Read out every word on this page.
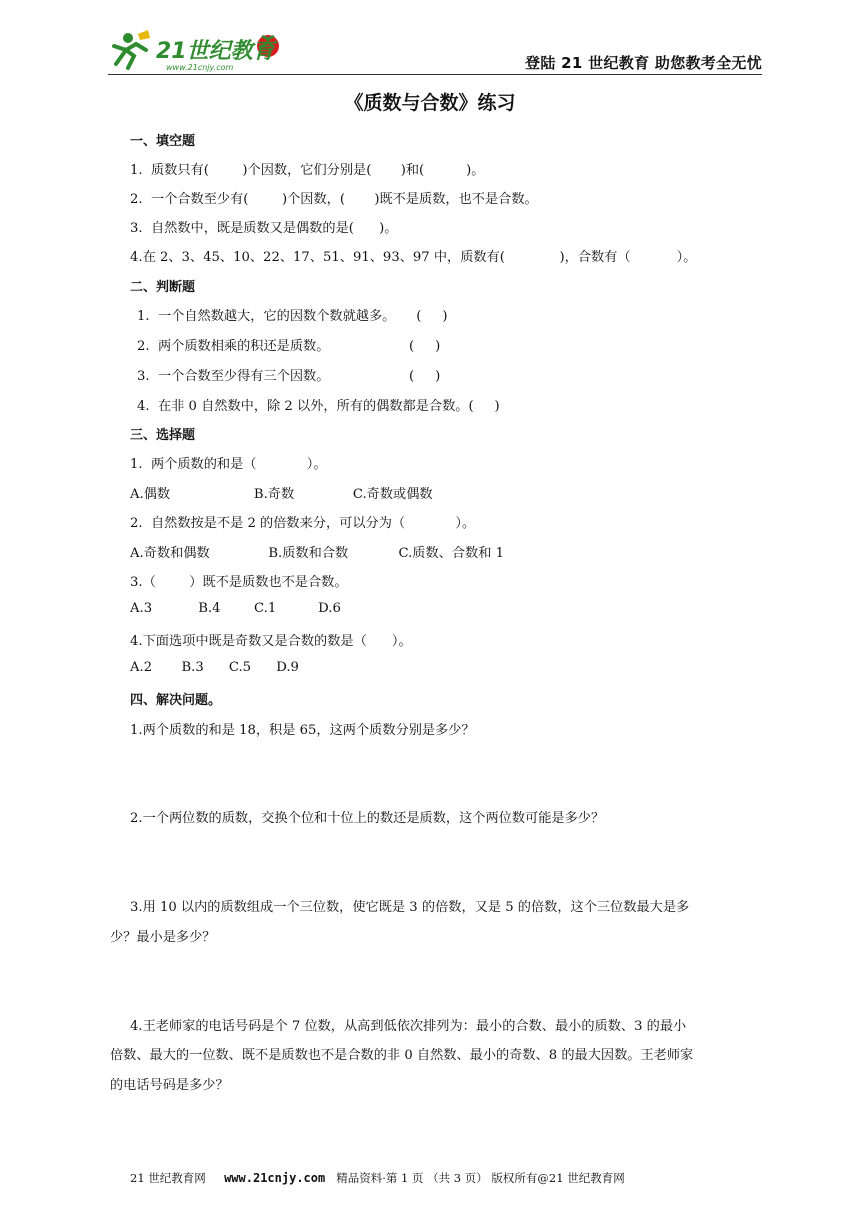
21世纪教育
www.21cnjy.com	登陆 21 世纪教育 助您教考全无忧
《质数与合数》练习
一、填空题
1.  质数只有(        )个因数，它们分别是(       )和(          )。
2.  一个合数至少有(        )个因数，(       )既不是质数，也不是合数。
3.  自然数中，既是质数又是偶数的是(      )。
4.在 2、3、45、10、22、17、51、91、93、97 中，质数有(             )，合数有（           ）。
二、判断题
1.  一个自然数越大，它的因数个数就越多。     (     )
2.  两个质数相乘的积还是质数。                   (     )
3.  一个合数至少得有三个因数。                   (     )
4.  在非 0 自然数中，除 2 以外，所有的偶数都是合数。(     )
三、选择题
1.  两个质数的和是（            ）。
A.偶数                    B.奇数              C.奇数或偶数
2.  自然数按是不是 2 的倍数来分，可以分为（            ）。
A.奇数和偶数              B.质数和合数            C.质数、合数和 1
3.（        ）既不是质数也不是合数。
A.3           B.4        C.1          D.6
4.下面选项中既是奇数又是合数的数是（      ）。
A.2       B.3      C.5      D.9
四、解决问题。
1.两个质数的和是 18，积是 65，这两个质数分别是多少？
2.一个两位数的质数，交换个位和十位上的数还是质数，这个两位数可能是多少？
3.用 10 以内的质数组成一个三位数，使它既是 3 的倍数，又是 5 的倍数，这个三位数最大是多
少？最小是多少？
4.王老师家的电话号码是个 7 位数，从高到低依次排列为：最小的合数、最小的质数、3 的最小
倍数、最大的一位数、既不是质数也不是合数的非 0 自然数、最小的奇数、8 的最大因数。王老师家
的电话号码是多少？
21 世纪教育网 www.21cnjy.com 精品资料·第 1 页 （共 3 页） 版权所有@21 世纪教育网
